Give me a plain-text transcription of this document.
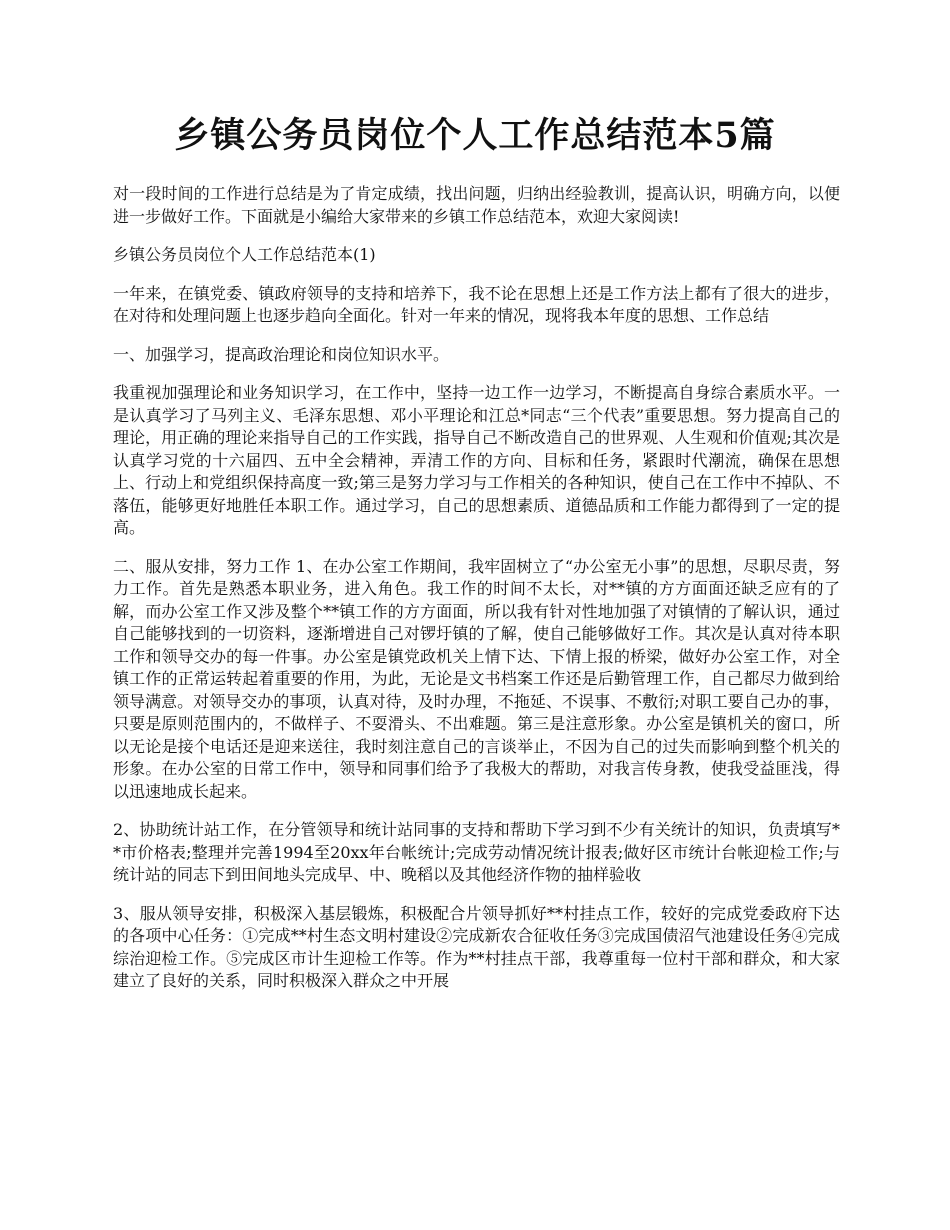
乡镇公务员岗位个人工作总结范本5篇

对一段时间的工作进行总结是为了肯定成绩，找出问题，归纳出经验教训，提高认识，明确方向，以便进一步做好工作。下面就是小编给大家带来的乡镇工作总结范本，欢迎大家阅读!

乡镇公务员岗位个人工作总结范本(1)

一年来，在镇党委、镇政府领导的支持和培养下，我不论在思想上还是工作方法上都有了很大的进步，在对待和处理问题上也逐步趋向全面化。针对一年来的情况，现将我本年度的思想、工作总结

一、加强学习，提高政治理论和岗位知识水平。

我重视加强理论和业务知识学习，在工作中，坚持一边工作一边学习，不断提高自身综合素质水平。一是认真学习了马列主义、毛泽东思想、邓小平理论和江总*同志“三个代表”重要思想。努力提高自己的理论，用正确的理论来指导自己的工作实践，指导自己不断改造自己的世界观、人生观和价值观;其次是认真学习党的十六届四、五中全会精神，弄清工作的方向、目标和任务，紧跟时代潮流，确保在思想上、行动上和党组织保持高度一致;第三是努力学习与工作相关的各种知识，使自己在工作中不掉队、不落伍，能够更好地胜任本职工作。通过学习，自己的思想素质、道德品质和工作能力都得到了一定的提高。

二、服从安排，努力工作 1、在办公室工作期间，我牢固树立了“办公室无小事”的思想，尽职尽责，努力工作。首先是熟悉本职业务，进入角色。我工作的时间不太长，对**镇的方方面面还缺乏应有的了解，而办公室工作又涉及整个**镇工作的方方面面，所以我有针对性地加强了对镇情的了解认识，通过自己能够找到的一切资料，逐渐增进自己对锣圩镇的了解，使自己能够做好工作。其次是认真对待本职工作和领导交办的每一件事。办公室是镇党政机关上情下达、下情上报的桥梁，做好办公室工作，对全镇工作的正常运转起着重要的作用，为此，无论是文书档案工作还是后勤管理工作，自己都尽力做到给领导满意。对领导交办的事项，认真对待，及时办理，不拖延、不误事、不敷衍;对职工要自己办的事，只要是原则范围内的，不做样子、不耍滑头、不出难题。第三是注意形象。办公室是镇机关的窗口，所以无论是接个电话还是迎来送往，我时刻注意自己的言谈举止，不因为自己的过失而影响到整个机关的形象。在办公室的日常工作中，领导和同事们给予了我极大的帮助，对我言传身教，使我受益匪浅，得以迅速地成长起来。

2、协助统计站工作，在分管领导和统计站同事的支持和帮助下学习到不少有关统计的知识，负责填写**市价格表;整理并完善1994至20xx年台帐统计;完成劳动情况统计报表;做好区市统计台帐迎检工作;与统计站的同志下到田间地头完成早、中、晚稻以及其他经济作物的抽样验收

3、服从领导安排，积极深入基层锻炼，积极配合片领导抓好**村挂点工作，较好的完成党委政府下达的各项中心任务：①完成**村生态文明村建设②完成新农合征收任务③完成国债沼气池建设任务④完成综治迎检工作。⑤完成区市计生迎检工作等。作为**村挂点干部，我尊重每一位村干部和群众，和大家建立了良好的关系，同时积极深入群众之中开展
